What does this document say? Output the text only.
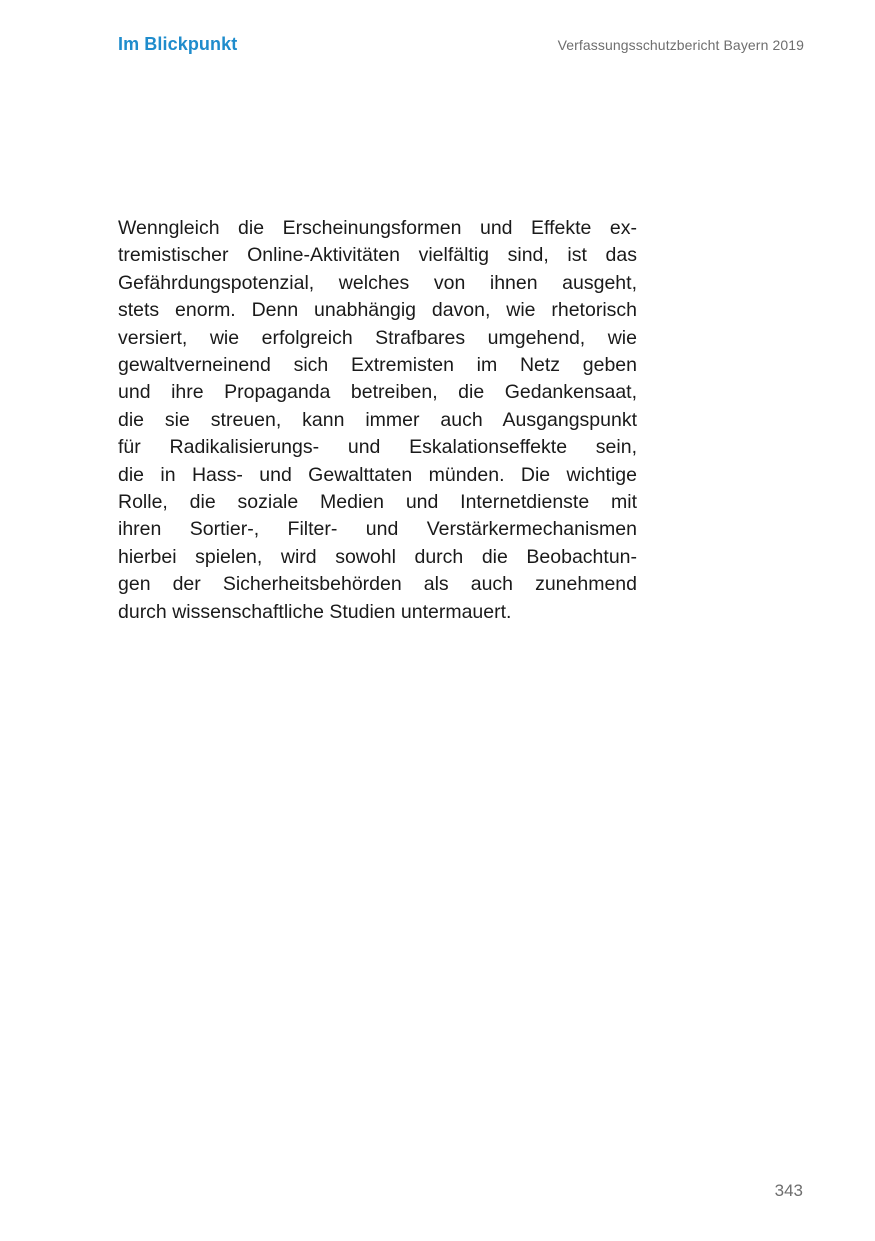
Im Blickpunkt	Verfassungsschutzbericht Bayern 2019
Wenngleich die Erscheinungsformen und Effekte ex-
tremistischer Online-Aktivitäten vielfältig sind, ist das
Gefährdungspotenzial, welches von ihnen ausgeht,
stets enorm. Denn unabhängig davon, wie rhetorisch
versiert, wie erfolgreich Strafbares umgehend, wie
gewaltverneinend sich Extremisten im Netz geben
und ihre Propaganda betreiben, die Gedankensaat,
die sie streuen, kann immer auch Ausgangspunkt
für Radikalisierungs- und Eskalationseffekte sein,
die in Hass- und Gewalttaten münden. Die wichtige
Rolle, die soziale Medien und Internetdienste mit
ihren Sortier-, Filter- und Verstärkermechanismen
hierbei spielen, wird sowohl durch die Beobachtun-
gen der Sicherheitsbehörden als auch zunehmend
durch wissenschaftliche Studien untermauert.
343
